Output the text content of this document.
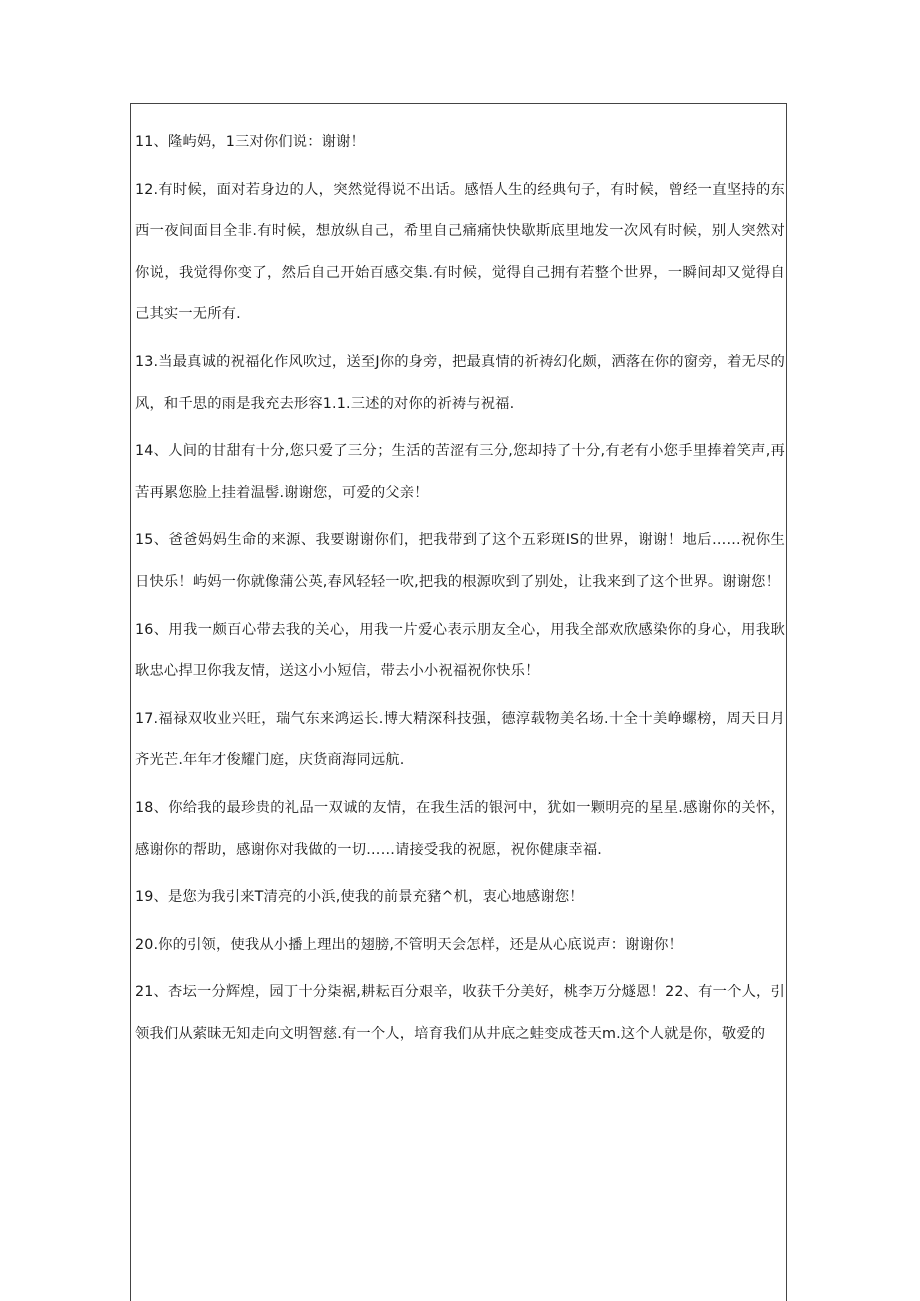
11、隆屿妈，1三对你们说：谢谢！

12.有时候，面对若身边的人，突然觉得说不出话。感悟人生的经典句子，有时候，曾经一直坚持的东西一夜间面目全非.有时候，想放纵自己，希里自己痛痛快快歇斯底里地发一次风有时候，别人突然对你说，我觉得你变了，然后自己开始百感交集.有时候，觉得自己拥有若整个世界，一瞬间却又觉得自己其实一无所有.

13.当最真诚的祝福化作风吹过，送至J你的身旁，把最真情的祈祷幻化颇，洒落在你的窗旁，着无尽的风，和千思的雨是我充去形容1.1.三述的对你的祈祷与祝福.

14、人间的甘甜有十分,您只爱了三分；生活的苦涩有三分,您却持了十分,有老有小您手里捧着笑声,再苦再累您脸上挂着温髻.谢谢您，可爱的父亲！

15、爸爸妈妈生命的来源、我要谢谢你们，把我带到了这个五彩斑IS的世界，谢谢！地后……祝你生日快乐！屿妈一你就像蒲公英,春风轻轻一吹,把我的根源吹到了别处，让我来到了这个世界。谢谢您！

16、用我一颇百心带去我的关心，用我一片爱心表示朋友全心，用我全部欢欣感染你的身心，用我耿耿忠心捍卫你我友情，送这小小短信，带去小小祝福祝你快乐！

17.福禄双收业兴旺，瑞气东来鸿运长.博大精深科技强，德淳载物美名场.十全十美峥螺榜，周天日月齐光芒.年年才俊耀门庭，庆货商海同远航.

18、你给我的最珍贵的礼品一双诚的友情，在我生活的银河中，犹如一颗明亮的星星.感谢你的关怀，感谢你的帮助，感谢你对我做的一切……请接受我的祝愿，祝你健康幸福.

19、是您为我引来T清亮的小浜,使我的前景充豬^机，衷心地感谢您！

20.你的引领，使我从小播上理出的翅膀,不管明天会怎样，还是从心底说声：谢谢你！

21、杏坛一分辉煌，园丁十分柒裾,耕耘百分艰辛，收获千分美好，桃李万分燧恩！22、有一个人，引领我们从萦昧无知走向文明智慈.有一个人，培育我们从井底之蛙变成苍天m.这个人就是你，敬爱的
